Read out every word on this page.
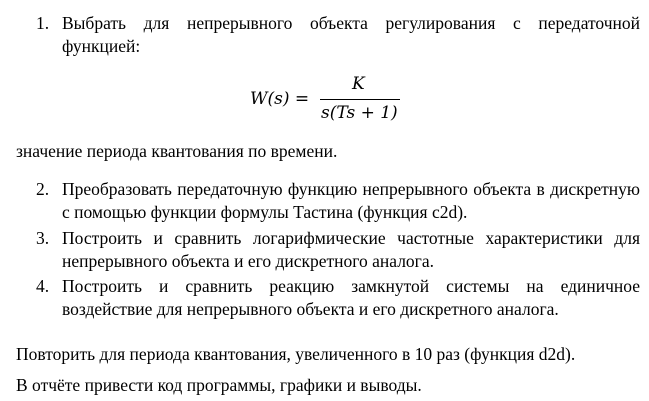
1. Выбрать для непрерывного объекта регулирования с передаточной функцией:
W(s) =
K
s(Ts + 1)
значение периода квантования по времени.
2. Преобразовать передаточную функцию непрерывного объекта в дискретную с помощью функции формулы Тастина (функция c2d).
3. Построить и сравнить логарифмические частотные характеристики для непрерывного объекта и его дискретного аналога.
4. Построить и сравнить реакцию замкнутой системы на единичное воздействие для непрерывного объекта и его дискретного аналога.
Повторить для периода квантования, увеличенного в 10 раз (функция d2d).
В отчёте привести код программы, графики и выводы.
